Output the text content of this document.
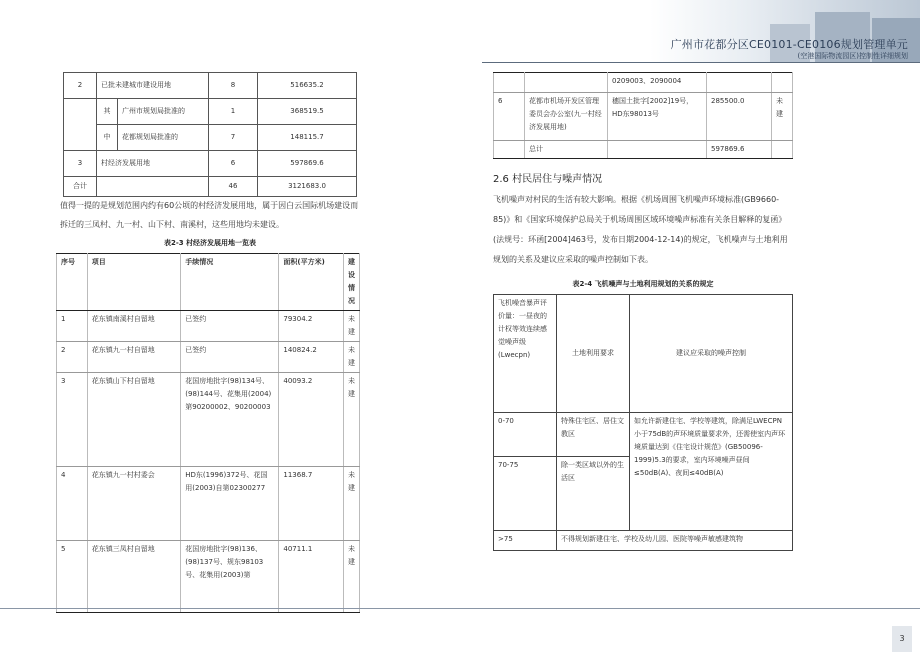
广州市花都分区CE0101-CE0106规划管理单元
(空港国际物流园区)控制性详细规划
2	已批未建城市建设用地		8	516635.2
	其	广州市规划局批准的	1	368519.5
	中	花都规划局批准的	7	148115.7
3	村经济发展用地		6	597869.6
合计			46	3121683.0
值得一提的是规划范围内约有60公顷的村经济发展用地，属于因白云国际机场建设而拆迁的三凤村、九一村、山下村、南溪村，这些用地均未建设。
表2-3 村经济发展用地一览表
序号	项目	手续情况	面积(平方米)	建设情况
1	花东镇南溪村自留地	已签约	79304.2	未建
2	花东镇九一村自留地	已签约	140824.2	未建
3	花东镇山下村自留地	花国房地批字(98)134号、(98)144号、花集用(2004)第90200002、90200003	40093.2	未建
4	花东镇九一村村委会	HD东(1996)372号、花国用(2003)自第02300277	11368.7	未建
5	花东镇三凤村自留地	花国房地批字(98)136、(98)137号、规东98103号、花集用(2003)第	40711.1	未建
		0209003、2090004		
6	花都市机场开发区管理委员会办公室(九一村经济发展用地)	穗国土批字[2002]19号，HD东98013号	285500.0	未建
	总计		597869.6	
2.6 村民居住与噪声情况
飞机噪声对村民的生活有较大影响。根据《机场周围飞机噪声环境标准(GB9660-85)》和《国家环境保护总局关于机场周围区域环境噪声标准有关条目解释的复函》(法规号：环函[2004]463号，发布日期2004-12-14)的规定，飞机噪声与土地利用规划的关系及建议应采取的噪声控制如下表。
表2-4 飞机噪声与土地利用规划的关系的规定
飞机噪音暴声评价量：一昼夜的计权等效连续感觉噪声级(Lwecpn)	土地利用要求	建议应采取的噪声控制
0-70	特殊住宅区、居住文教区	如允许新建住宅、学校等建筑，除满足LWECPN小于75dB的声环境质量要求外，还需使室内声环境质量达到《住宅设计规范》(GB50096-1999)5.3的要求，室内环境噪声昼间≤50dB(A)、夜间≤40dB(A)
70-75	除一类区域以外的生活区	
>75	不得规划新建住宅、学校及幼儿园、医院等噪声敏感建筑物	
3
